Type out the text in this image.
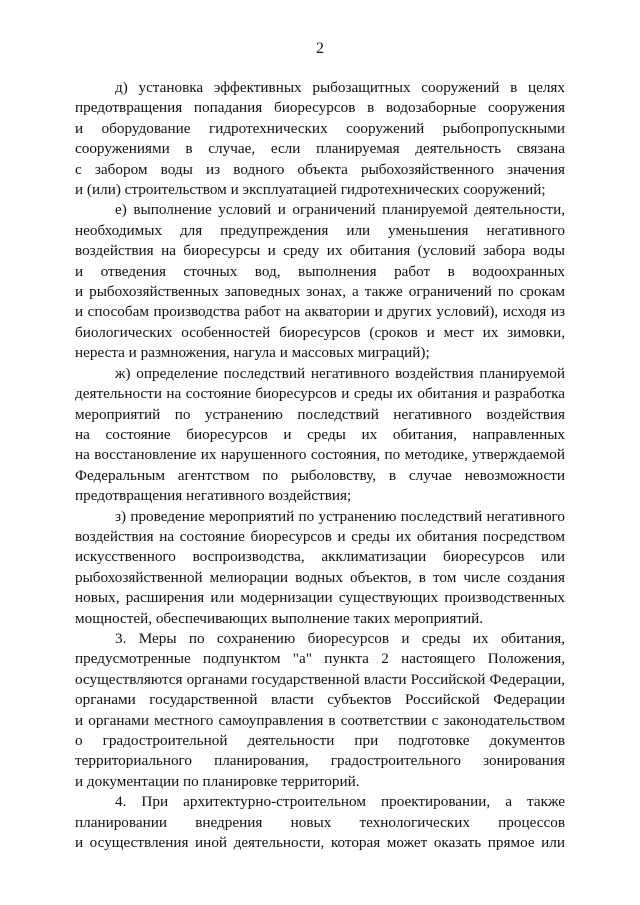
2

д) установка эффективных рыбозащитных сооружений в целях

предотвращения попадания биоресурсов в водозаборные сооружения

и оборудование гидротехнических сооружений рыбопропускными

сооружениями в случае, если планируемая деятельность связана

с забором воды из водного объекта рыбохозяйственного значения

и (или) строительством и эксплуатацией гидротехнических сооружений;

е) выполнение условий и ограничений планируемой деятельности,

необходимых для предупреждения или уменьшения негативного

воздействия на биоресурсы и среду их обитания (условий забора воды

и отведения сточных вод, выполнения работ в водоохранных

и рыбохозяйственных заповедных зонах, а также ограничений по срокам

и способам производства работ на акватории и других условий), исходя из

биологических особенностей биоресурсов (сроков и мест их зимовки,

нереста и размножения, нагула и массовых миграций);

ж) определение последствий негативного воздействия планируемой

деятельности на состояние биоресурсов и среды их обитания и разработка

мероприятий по устранению последствий негативного воздействия

на состояние биоресурсов и среды их обитания, направленных

на восстановление их нарушенного состояния, по методике, утверждаемой

Федеральным агентством по рыболовству, в случае невозможности

предотвращения негативного воздействия;

з) проведение мероприятий по устранению последствий негативного

воздействия на состояние биоресурсов и среды их обитания посредством

искусственного воспроизводства, акклиматизации биоресурсов или

рыбохозяйственной мелиорации водных объектов, в том числе создания

новых, расширения или модернизации существующих производственных

мощностей, обеспечивающих выполнение таких мероприятий.

3. Меры по сохранению биоресурсов и среды их обитания,

предусмотренные подпунктом "а" пункта 2 настоящего Положения,

осуществляются органами государственной власти Российской Федерации,

органами государственной власти субъектов Российской Федерации

и органами местного самоуправления в соответствии с законодательством

о градостроительной деятельности при подготовке документов

территориального планирования, градостроительного зонирования

и документации по планировке территорий.

4. При архитектурно-строительном проектировании, а также

планировании внедрения новых технологических процессов

и осуществления иной деятельности, которая может оказать прямое или
